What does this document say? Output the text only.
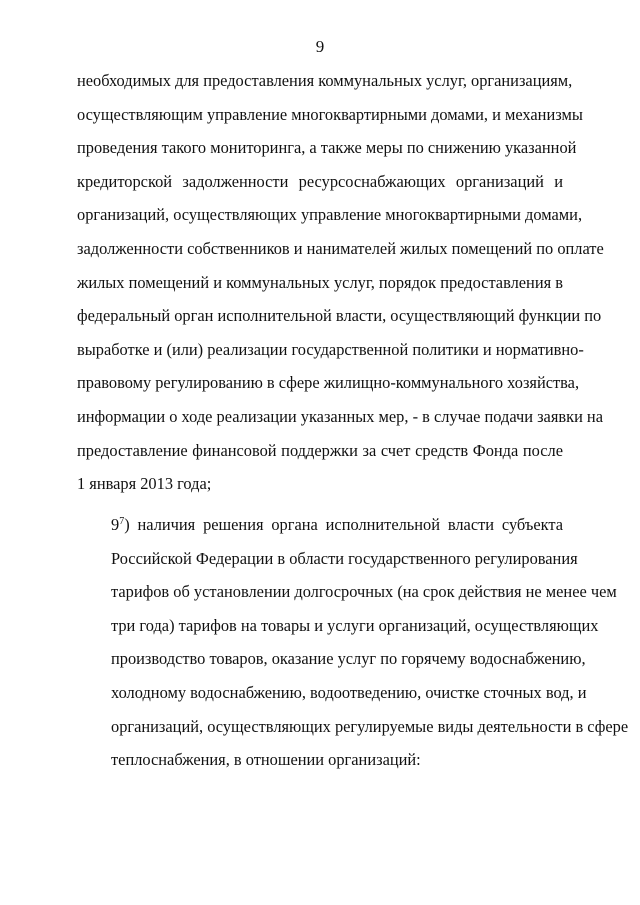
9
необходимых для предоставления коммунальных услуг, организациям,
осуществляющим управление многоквартирными домами, и механизмы
проведения такого мониторинга, а также меры по снижению указанной
кредиторской задолженности ресурсоснабжающих организаций и
организаций, осуществляющих управление многоквартирными домами,
задолженности собственников и нанимателей жилых помещений по оплате
жилых помещений и коммунальных услуг, порядок предоставления в
федеральный орган исполнительной власти, осуществляющий функции по
выработке и (или) реализации государственной политики и нормативно-
правовому регулированию в сфере жилищно-коммунального хозяйства,
информации о ходе реализации указанных мер, - в случае подачи заявки на
предоставление финансовой поддержки за счет средств Фонда после
1 января 2013 года;
$9^7$) наличия решения органа исполнительной власти субъекта
Российской Федерации в области государственного регулирования
тарифов об установлении долгосрочных (на срок действия не менее чем
три года) тарифов на товары и услуги организаций, осуществляющих
производство товаров, оказание услуг по горячему водоснабжению,
холодному водоснабжению, водоотведению, очистке сточных вод, и
организаций, осуществляющих регулируемые виды деятельности в сфере
теплоснабжения, в отношении организаций:
